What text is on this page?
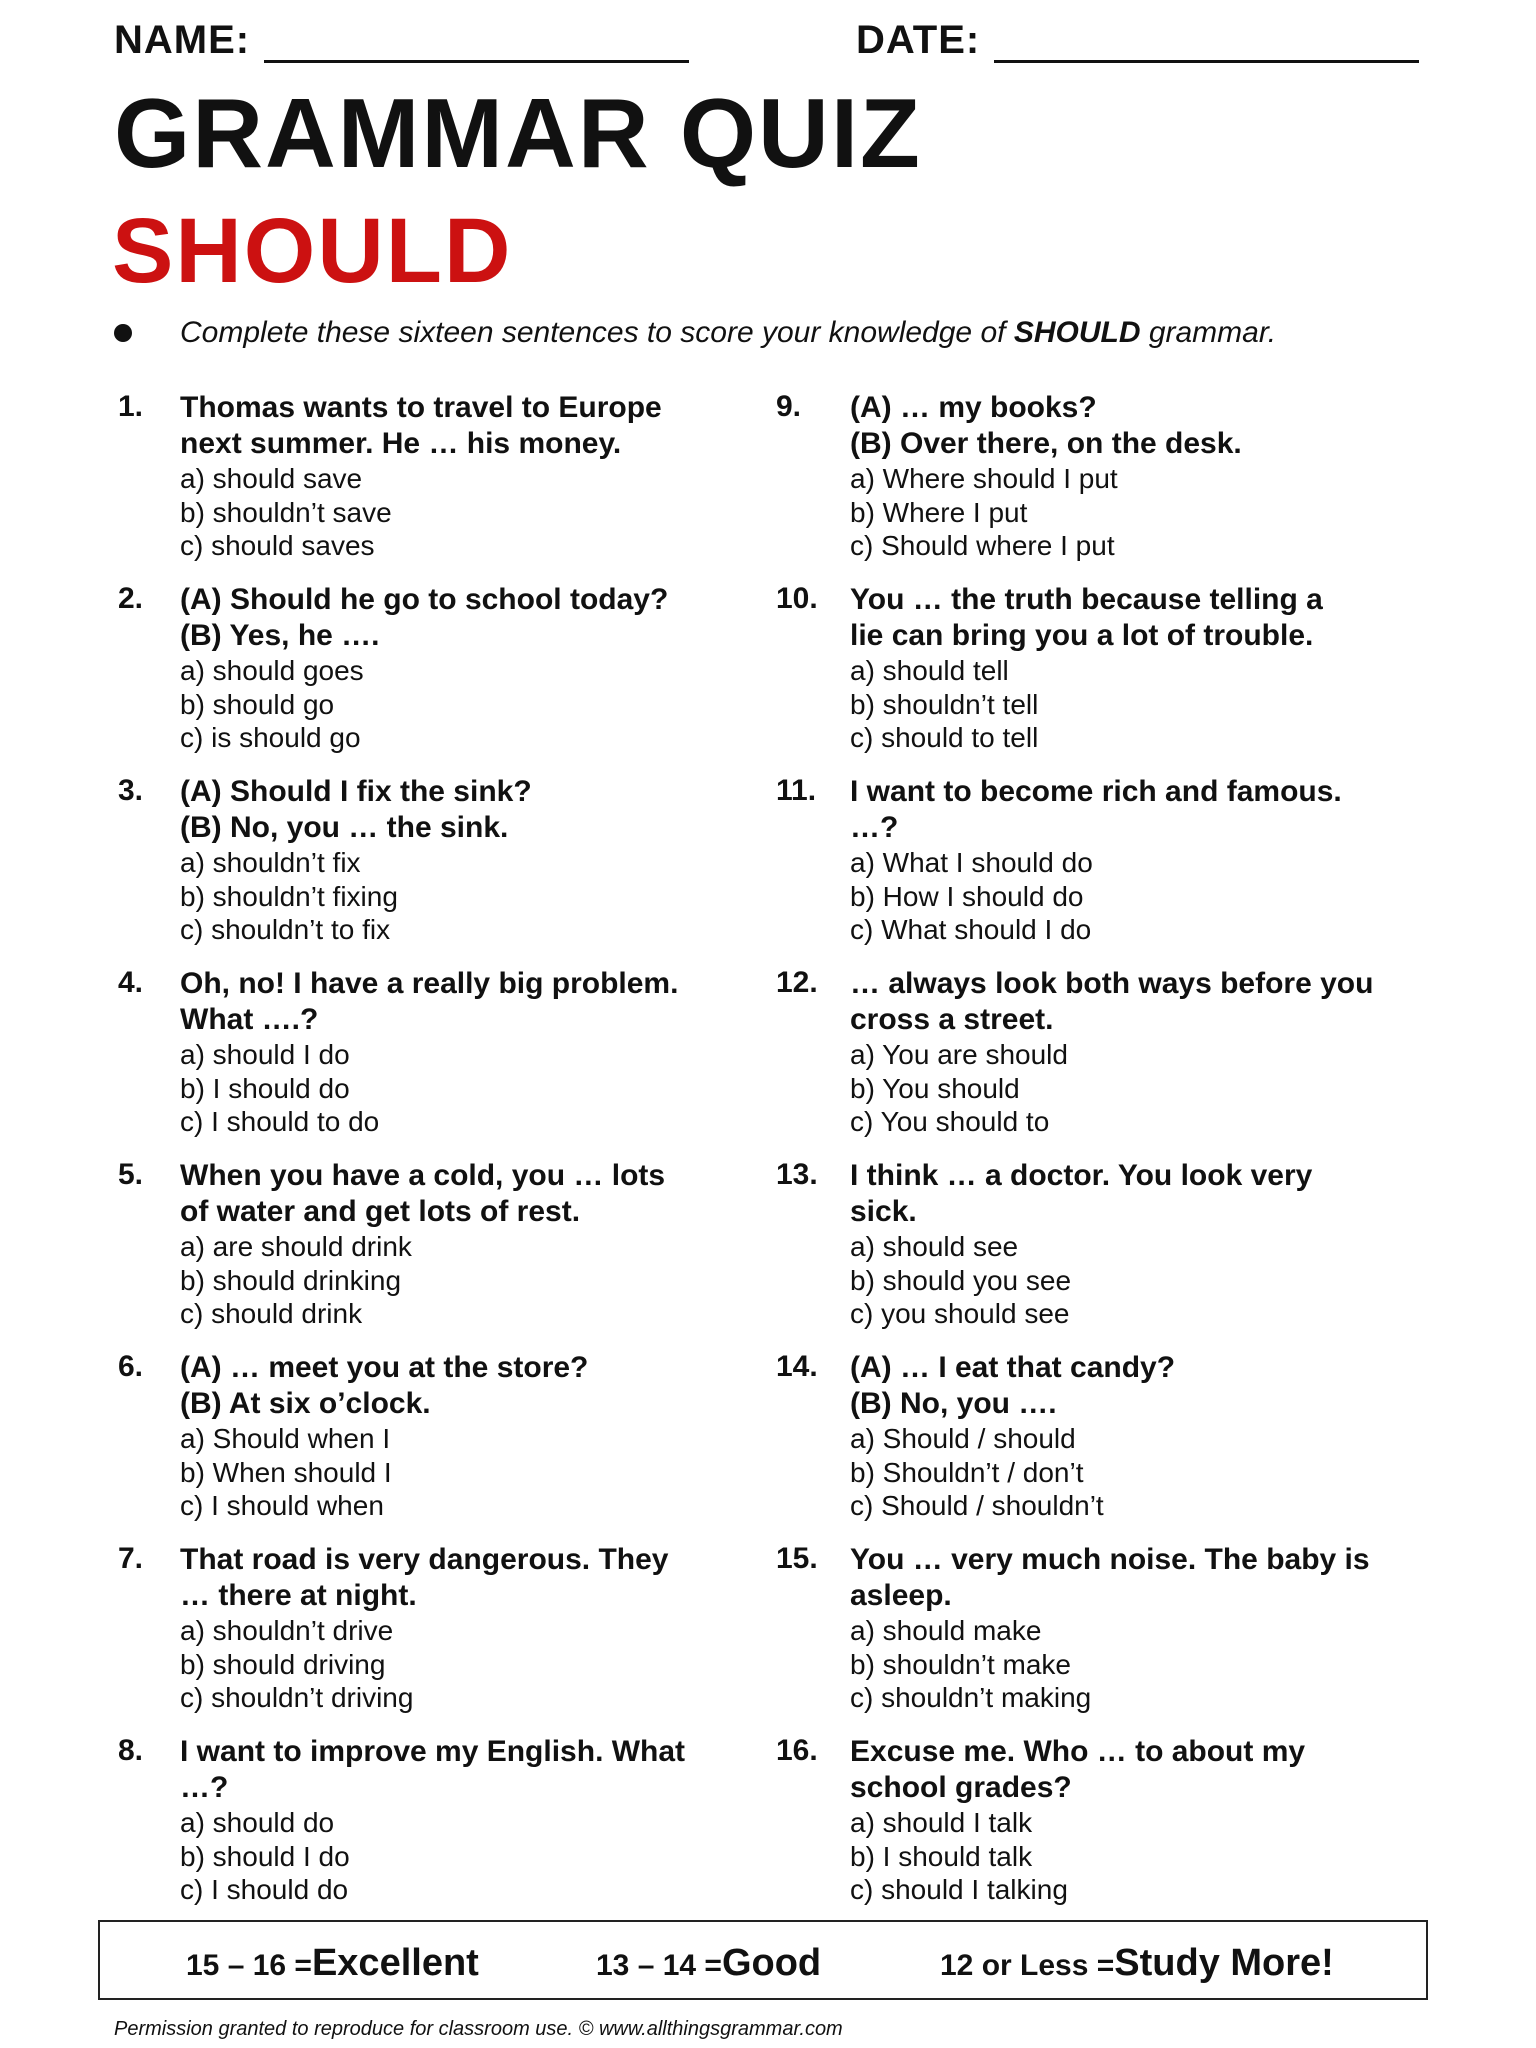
NAME:	DATE:
GRAMMAR QUIZ
SHOULD
Complete these sixteen sentences to score your knowledge of SHOULD grammar.
1.	Thomas wants to travel to Europe
next summer. He … his money.
a) should save
b) shouldn’t save
c) should saves
2.	(A) Should he go to school today?
(B) Yes, he ….
a) should goes
b) should go
c) is should go
3.	(A) Should I fix the sink?
(B) No, you … the sink.
a) shouldn’t fix
b) shouldn’t fixing
c) shouldn’t to fix
4.	Oh, no! I have a really big problem.
What ….?
a) should I do
b) I should do
c) I should to do
5.	When you have a cold, you … lots
of water and get lots of rest.
a) are should drink
b) should drinking
c) should drink
6.	(A) … meet you at the store?
(B) At six o’clock.
a) Should when I
b) When should I
c) I should when
7.	That road is very dangerous. They
… there at night.
a) shouldn’t drive
b) should driving
c) shouldn’t driving
8.	I want to improve my English. What
…?
a) should do
b) should I do
c) I should do
9.	(A) … my books?
(B) Over there, on the desk.
a) Where should I put
b) Where I put
c) Should where I put
10.	You … the truth because telling a
lie can bring you a lot of trouble.
a) should tell
b) shouldn’t tell
c) should to tell
11.	I want to become rich and famous.
…?
a) What I should do
b) How I should do
c) What should I do
12.	… always look both ways before you
cross a street.
a) You are should
b) You should
c) You should to
13.	I think … a doctor. You look very
sick.
a) should see
b) should you see
c) you should see
14.	(A) … I eat that candy?
(B) No, you ….
a) Should / should
b) Shouldn’t / don’t
c) Should / shouldn’t
15.	You … very much noise. The baby is
asleep.
a) should make
b) shouldn’t make
c) shouldn’t making
16.	Excuse me. Who … to about my
school grades?
a) should I talk
b) I should talk
c) should I talking
15 – 16 = Excellent	13 – 14 = Good	12 or Less = Study More!
Permission granted to reproduce for classroom use. © www.allthingsgrammar.com
